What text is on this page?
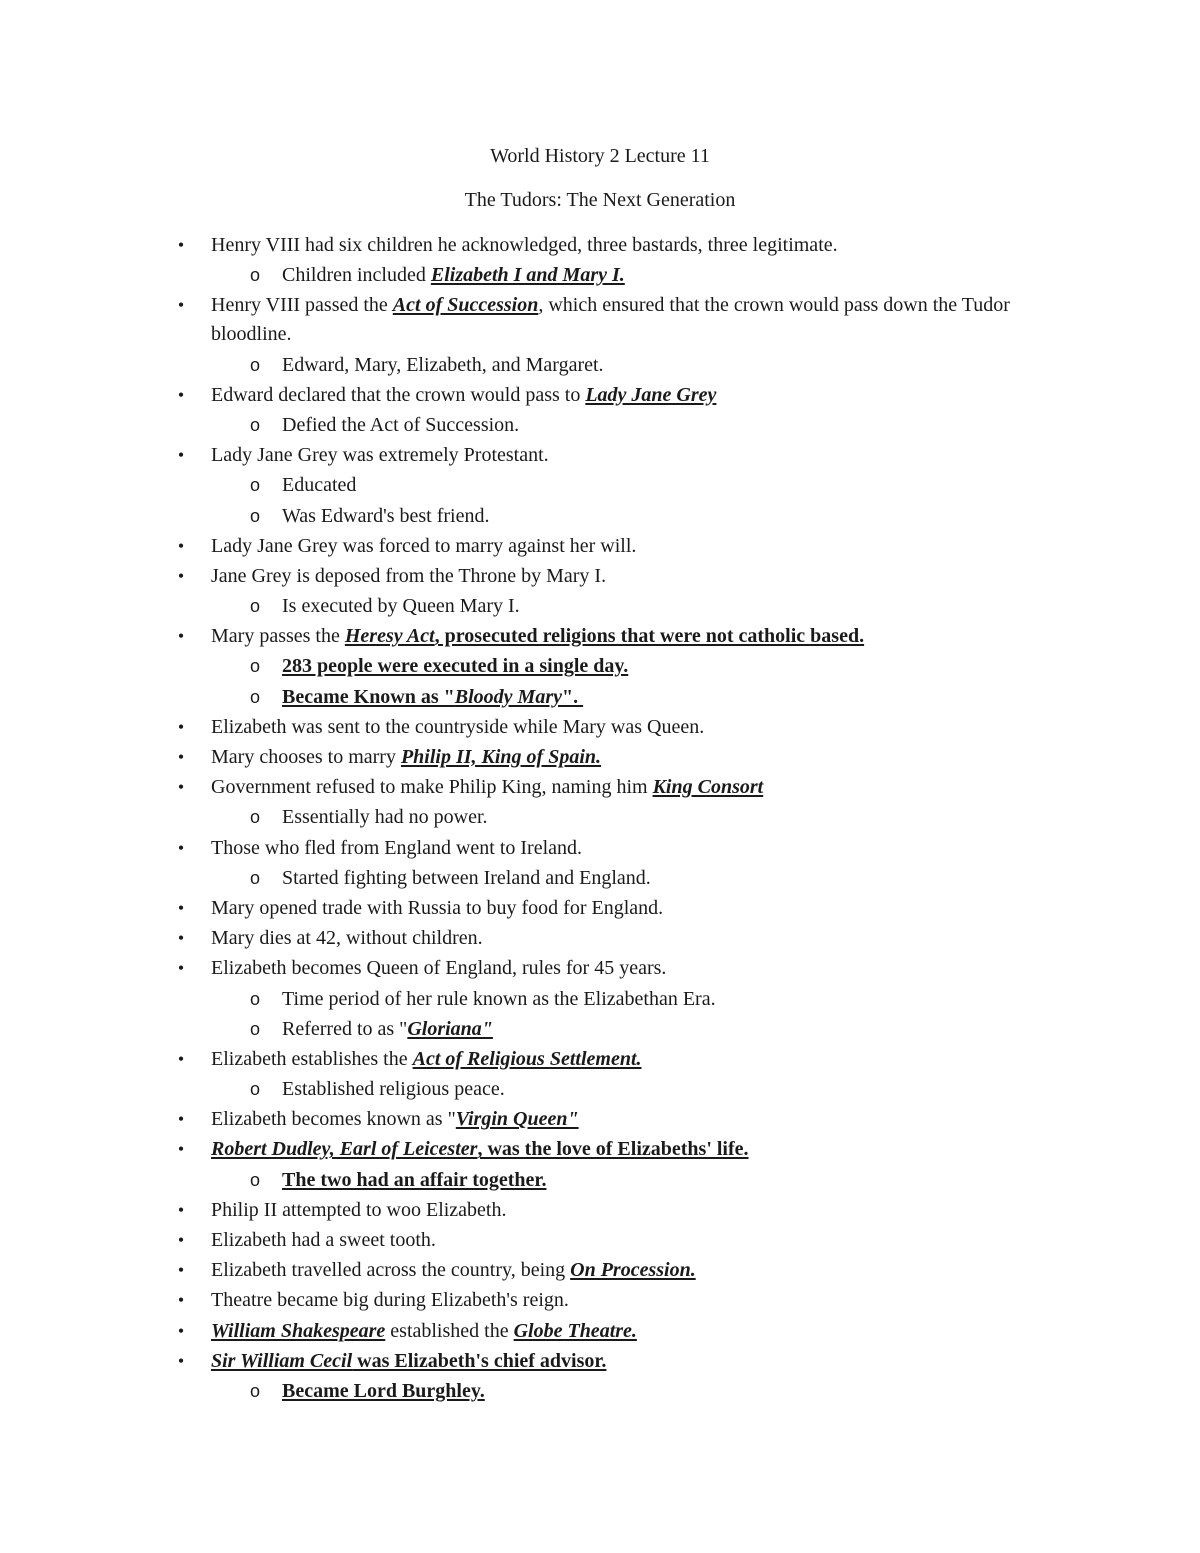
World History 2 Lecture 11
The Tudors: The Next Generation
• Henry VIII had six children he acknowledged, three bastards, three legitimate.
o Children included Elizabeth I and Mary I.
• Henry VIII passed the Act of Succession, which ensured that the crown would pass down the Tudor bloodline.
o Edward, Mary, Elizabeth, and Margaret.
• Edward declared that the crown would pass to Lady Jane Grey
o Defied the Act of Succession.
• Lady Jane Grey was extremely Protestant.
o Educated
o Was Edward's best friend.
• Lady Jane Grey was forced to marry against her will.
• Jane Grey is deposed from the Throne by Mary I.
o Is executed by Queen Mary I.
• Mary passes the Heresy Act, prosecuted religions that were not catholic based.
o 283 people were executed in a single day.
o Became Known as "Bloody Mary".
• Elizabeth was sent to the countryside while Mary was Queen.
• Mary chooses to marry Philip II, King of Spain.
• Government refused to make Philip King, naming him King Consort
o Essentially had no power.
• Those who fled from England went to Ireland.
o Started fighting between Ireland and England.
• Mary opened trade with Russia to buy food for England.
• Mary dies at 42, without children.
• Elizabeth becomes Queen of England, rules for 45 years.
o Time period of her rule known as the Elizabethan Era.
o Referred to as "Gloriana"
• Elizabeth establishes the Act of Religious Settlement.
o Established religious peace.
• Elizabeth becomes known as "Virgin Queen"
• Robert Dudley, Earl of Leicester, was the love of Elizabeths' life.
o The two had an affair together.
• Philip II attempted to woo Elizabeth.
• Elizabeth had a sweet tooth.
• Elizabeth travelled across the country, being On Procession.
• Theatre became big during Elizabeth's reign.
• William Shakespeare established the Globe Theatre.
• Sir William Cecil was Elizabeth's chief advisor.
o Became Lord Burghley.
